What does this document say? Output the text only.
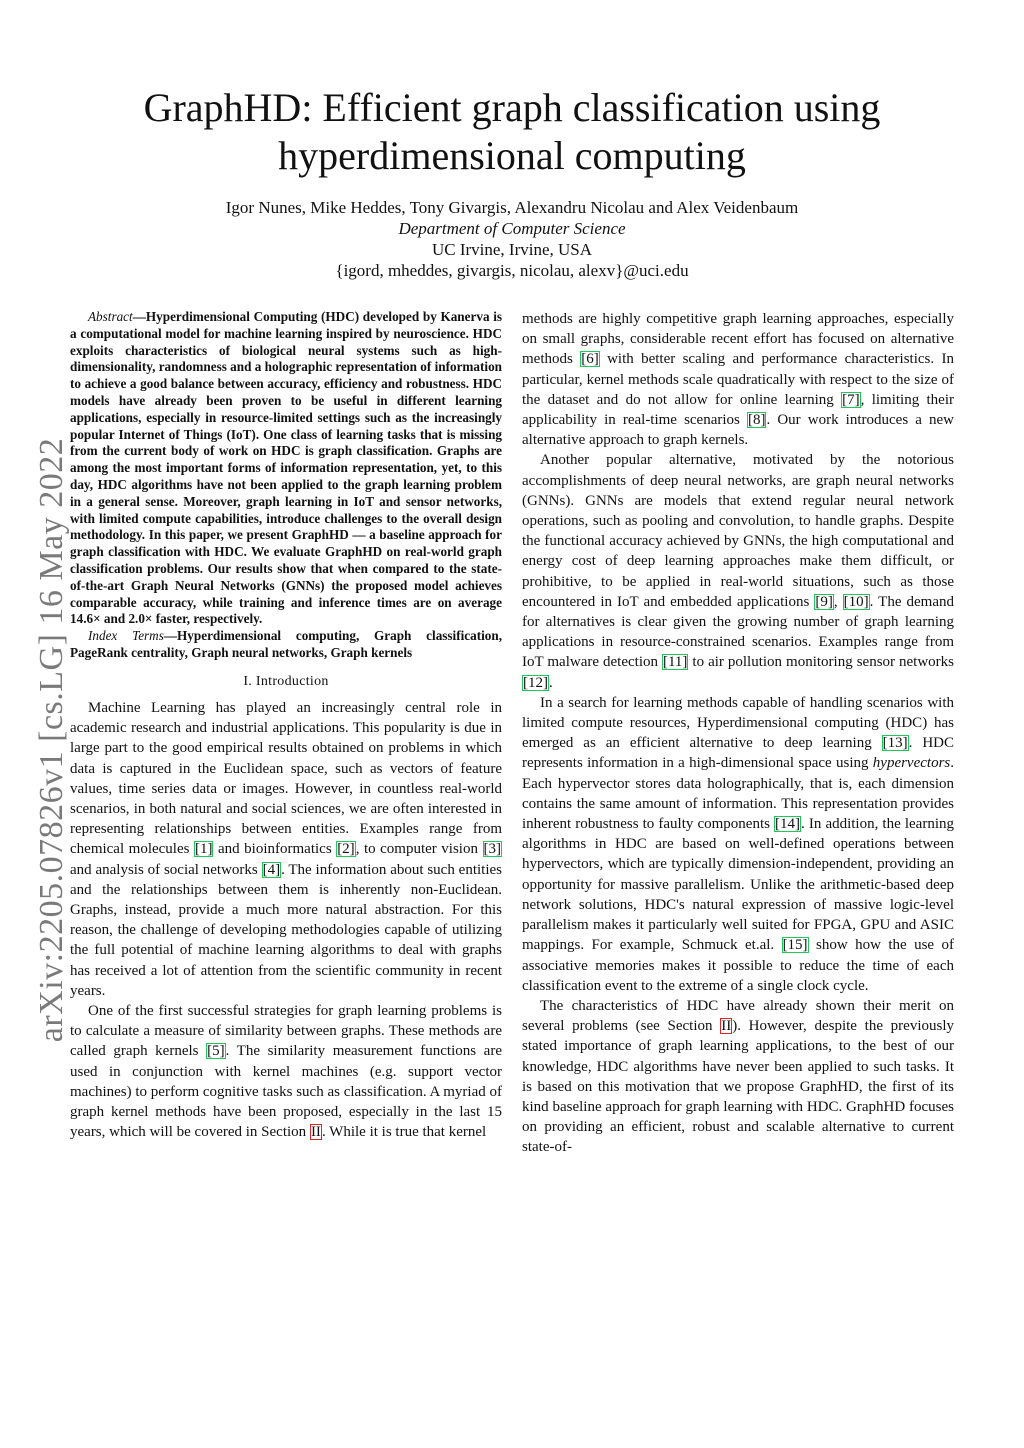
arXiv:2205.07826v1 [cs.LG] 16 May 2022
GraphHD: Efficient graph classification using
hyperdimensional computing
Igor Nunes, Mike Heddes, Tony Givargis, Alexandru Nicolau and Alex Veidenbaum
Department of Computer Science
UC Irvine, Irvine, USA
{igord, mheddes, givargis, nicolau, alexv}@uci.edu

Abstract—Hyperdimensional Computing (HDC) developed by Kanerva is a computational model for machine learning inspired by neuroscience. HDC exploits characteristics of biological neural systems such as high-dimensionality, randomness and a holographic representation of information to achieve a good balance between accuracy, efficiency and robustness. HDC models have already been proven to be useful in different learning applications, especially in resource-limited settings such as the increasingly popular Internet of Things (IoT). One class of learning tasks that is missing from the current body of work on HDC is graph classification. Graphs are among the most important forms of information representation, yet, to this day, HDC algorithms have not been applied to the graph learning problem in a general sense. Moreover, graph learning in IoT and sensor networks, with limited compute capabilities, introduce challenges to the overall design methodology. In this paper, we present GraphHD — a baseline approach for graph classification with HDC. We evaluate GraphHD on real-world graph classification problems. Our results show that when compared to the state-of-the-art Graph Neural Networks (GNNs) the proposed model achieves comparable accuracy, while training and inference times are on average 14.6× and 2.0× faster, respectively.

Index Terms—Hyperdimensional computing, Graph classification, PageRank centrality, Graph neural networks, Graph kernels

I. Introduction

Machine Learning has played an increasingly central role in academic research and industrial applications. This popularity is due in large part to the good empirical results obtained on problems in which data is captured in the Euclidean space, such as vectors of feature values, time series data or images. However, in countless real-world scenarios, in both natural and social sciences, we are often interested in representing relationships between entities. Examples range from chemical molecules [1] and bioinformatics [2], to computer vision [3] and analysis of social networks [4]. The information about such entities and the relationships between them is inherently non-Euclidean. Graphs, instead, provide a much more natural abstraction. For this reason, the challenge of developing methodologies capable of utilizing the full potential of machine learning algorithms to deal with graphs has received a lot of attention from the scientific community in recent years.

One of the first successful strategies for graph learning problems is to calculate a measure of similarity between graphs. These methods are called graph kernels [5]. The similarity measurement functions are used in conjunction with kernel machines (e.g. support vector machines) to perform cognitive tasks such as classification. A myriad of graph kernel methods have been proposed, especially in the last 15 years, which will be covered in Section II. While it is true that kernel

methods are highly competitive graph learning approaches, especially on small graphs, considerable recent effort has focused on alternative methods [6] with better scaling and performance characteristics. In particular, kernel methods scale quadratically with respect to the size of the dataset and do not allow for online learning [7], limiting their applicability in real-time scenarios [8]. Our work introduces a new alternative approach to graph kernels.

Another popular alternative, motivated by the notorious accomplishments of deep neural networks, are graph neural networks (GNNs). GNNs are models that extend regular neural network operations, such as pooling and convolution, to handle graphs. Despite the functional accuracy achieved by GNNs, the high computational and energy cost of deep learning approaches make them difficult, or prohibitive, to be applied in real-world situations, such as those encountered in IoT and embedded applications [9], [10]. The demand for alternatives is clear given the growing number of graph learning applications in resource-constrained scenarios. Examples range from IoT malware detection [11] to air pollution monitoring sensor networks [12].

In a search for learning methods capable of handling scenarios with limited compute resources, Hyperdimensional computing (HDC) has emerged as an efficient alternative to deep learning [13]. HDC represents information in a high-dimensional space using hypervectors. Each hypervector stores data holographically, that is, each dimension contains the same amount of information. This representation provides inherent robustness to faulty components [14]. In addition, the learning algorithms in HDC are based on well-defined operations between hypervectors, which are typically dimension-independent, providing an opportunity for massive parallelism. Unlike the arithmetic-based deep network solutions, HDC's natural expression of massive logic-level parallelism makes it particularly well suited for FPGA, GPU and ASIC mappings. For example, Schmuck et.al. [15] show how the use of associative memories makes it possible to reduce the time of each classification event to the extreme of a single clock cycle.

The characteristics of HDC have already shown their merit on several problems (see Section II). However, despite the previously stated importance of graph learning applications, to the best of our knowledge, HDC algorithms have never been applied to such tasks. It is based on this motivation that we propose GraphHD, the first of its kind baseline approach for graph learning with HDC. GraphHD focuses on providing an efficient, robust and scalable alternative to current state-of-
